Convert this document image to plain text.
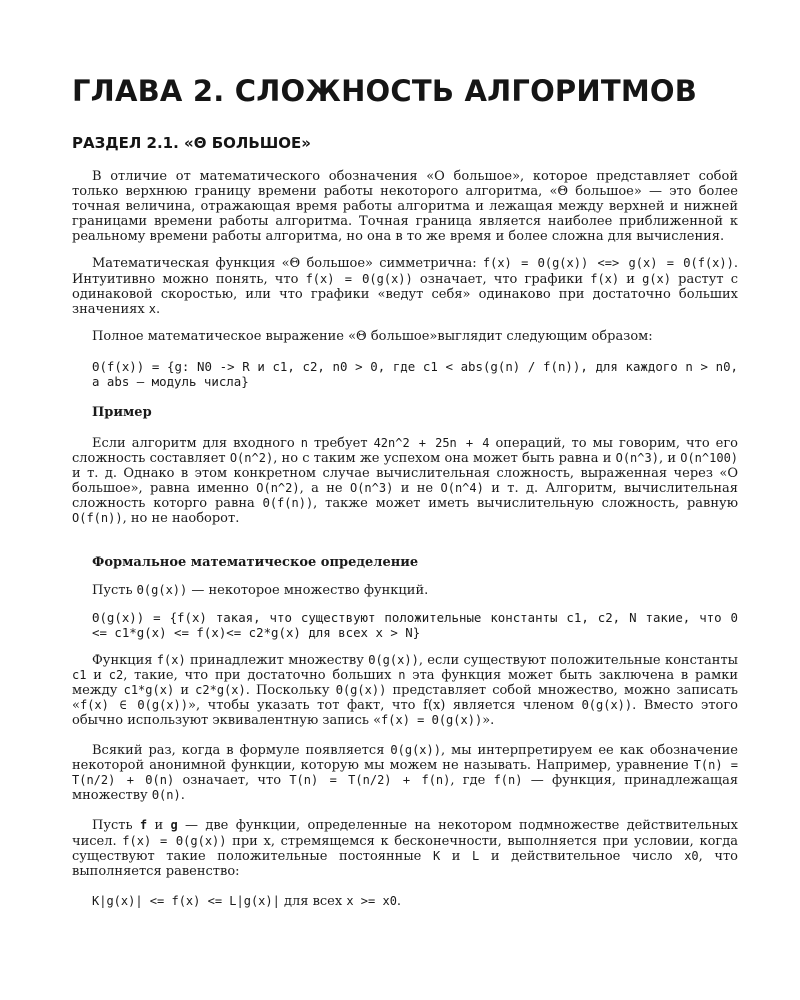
ГЛАВА 2. СЛОЖНОСТЬ АЛГОРИТМОВ
РАЗДЕЛ 2.1. «Θ БОЛЬШОЕ»

В отличие от математического обозначения «O большое», которое представляет собой только верхнюю границу времени работы некоторого алгоритма, «Θ большое» — это более точная величина, отражающая время работы алгоритма и лежащая между верхней и нижней границами времени работы алгоритма. Точная граница является наиболее приближенной к реальному времени работы алгоритма, но она в то же время и более сложна для вычисления.

Математическая функция «Θ большое» симметрична: f(x) = Θ(g(x)) <=> g(x) = Θ(f(x)). Интуитивно можно понять, что f(x) = Θ(g(x)) означает, что графики f(x) и g(x) растут с одинаковой скоростью, или что графики «ведут себя» одинаково при достаточно больших значениях x.

Полное математическое выражение «Θ большое»выглядит следующим образом:

Θ(f(x)) = {g: N0 -> R и c1, c2, n0 > 0, где c1 < abs(g(n) / f(n)), для каждого n > n0, а abs — модуль числа}
Пример

Если алгоритм для входного n требует 42n^2 + 25n + 4 операций, то мы говорим, что его сложность составляет O(n^2), но с таким же успехом она может быть равна и O(n^3), и O(n^100) и т. д. Однако в этом конкретном случае вычислительная сложность, выраженная через «O большое», равна именно O(n^2), а не O(n^3) и не O(n^4) и т. д. Алгоритм, вычислительная сложность которго равна Θ(f(n)), также может иметь вычислительную сложность, равную O(f(n)), но не наоборот.

Формальное математическое определение

Пусть Θ(g(x)) — некоторое множество функций.

Θ(g(x)) = {f(x) такая, что существуют положительные константы c1, c2, N такие, что 0 <= c1*g(x) <= f(x)<= c2*g(x) для всех x > N}

Функция f(x) принадлежит множеству Θ(g(x)), если существуют положительные константы c1 и c2, такие, что при достаточно больших n эта функция может быть заключена в рамки между c1*g(x) и c2*g(x). Поскольку Θ(g(x)) представляет собой множество, можно записать «f(x) ∈ Θ(g(x))», чтобы указать тот факт, что f(x) является членом Θ(g(x)). Вместо этого обычно используют эквивалентную запись «f(x) = Θ(g(x))».

Всякий раз, когда в формуле появляется Θ(g(x)), мы интерпретируем ее как обозначение некоторой анонимной функции, которую мы можем не называть. Например, уравнение T(n) = T(n/2) + Θ(n) означает, что T(n) = T(n/2) + f(n), где f(n) — функция, принадлежащая множеству Θ(n).

Пусть f и g — две функции, определенные на некотором подмножестве действительных чисел. f(x) = Θ(g(x)) при x, стремящемся к бесконечности, выполняется при условии, когда существуют такие положительные постоянные K и L и действительное число x0, что выполняется равенство:

K|g(x)| <= f(x) <= L|g(x)| для всех x >= x0.
